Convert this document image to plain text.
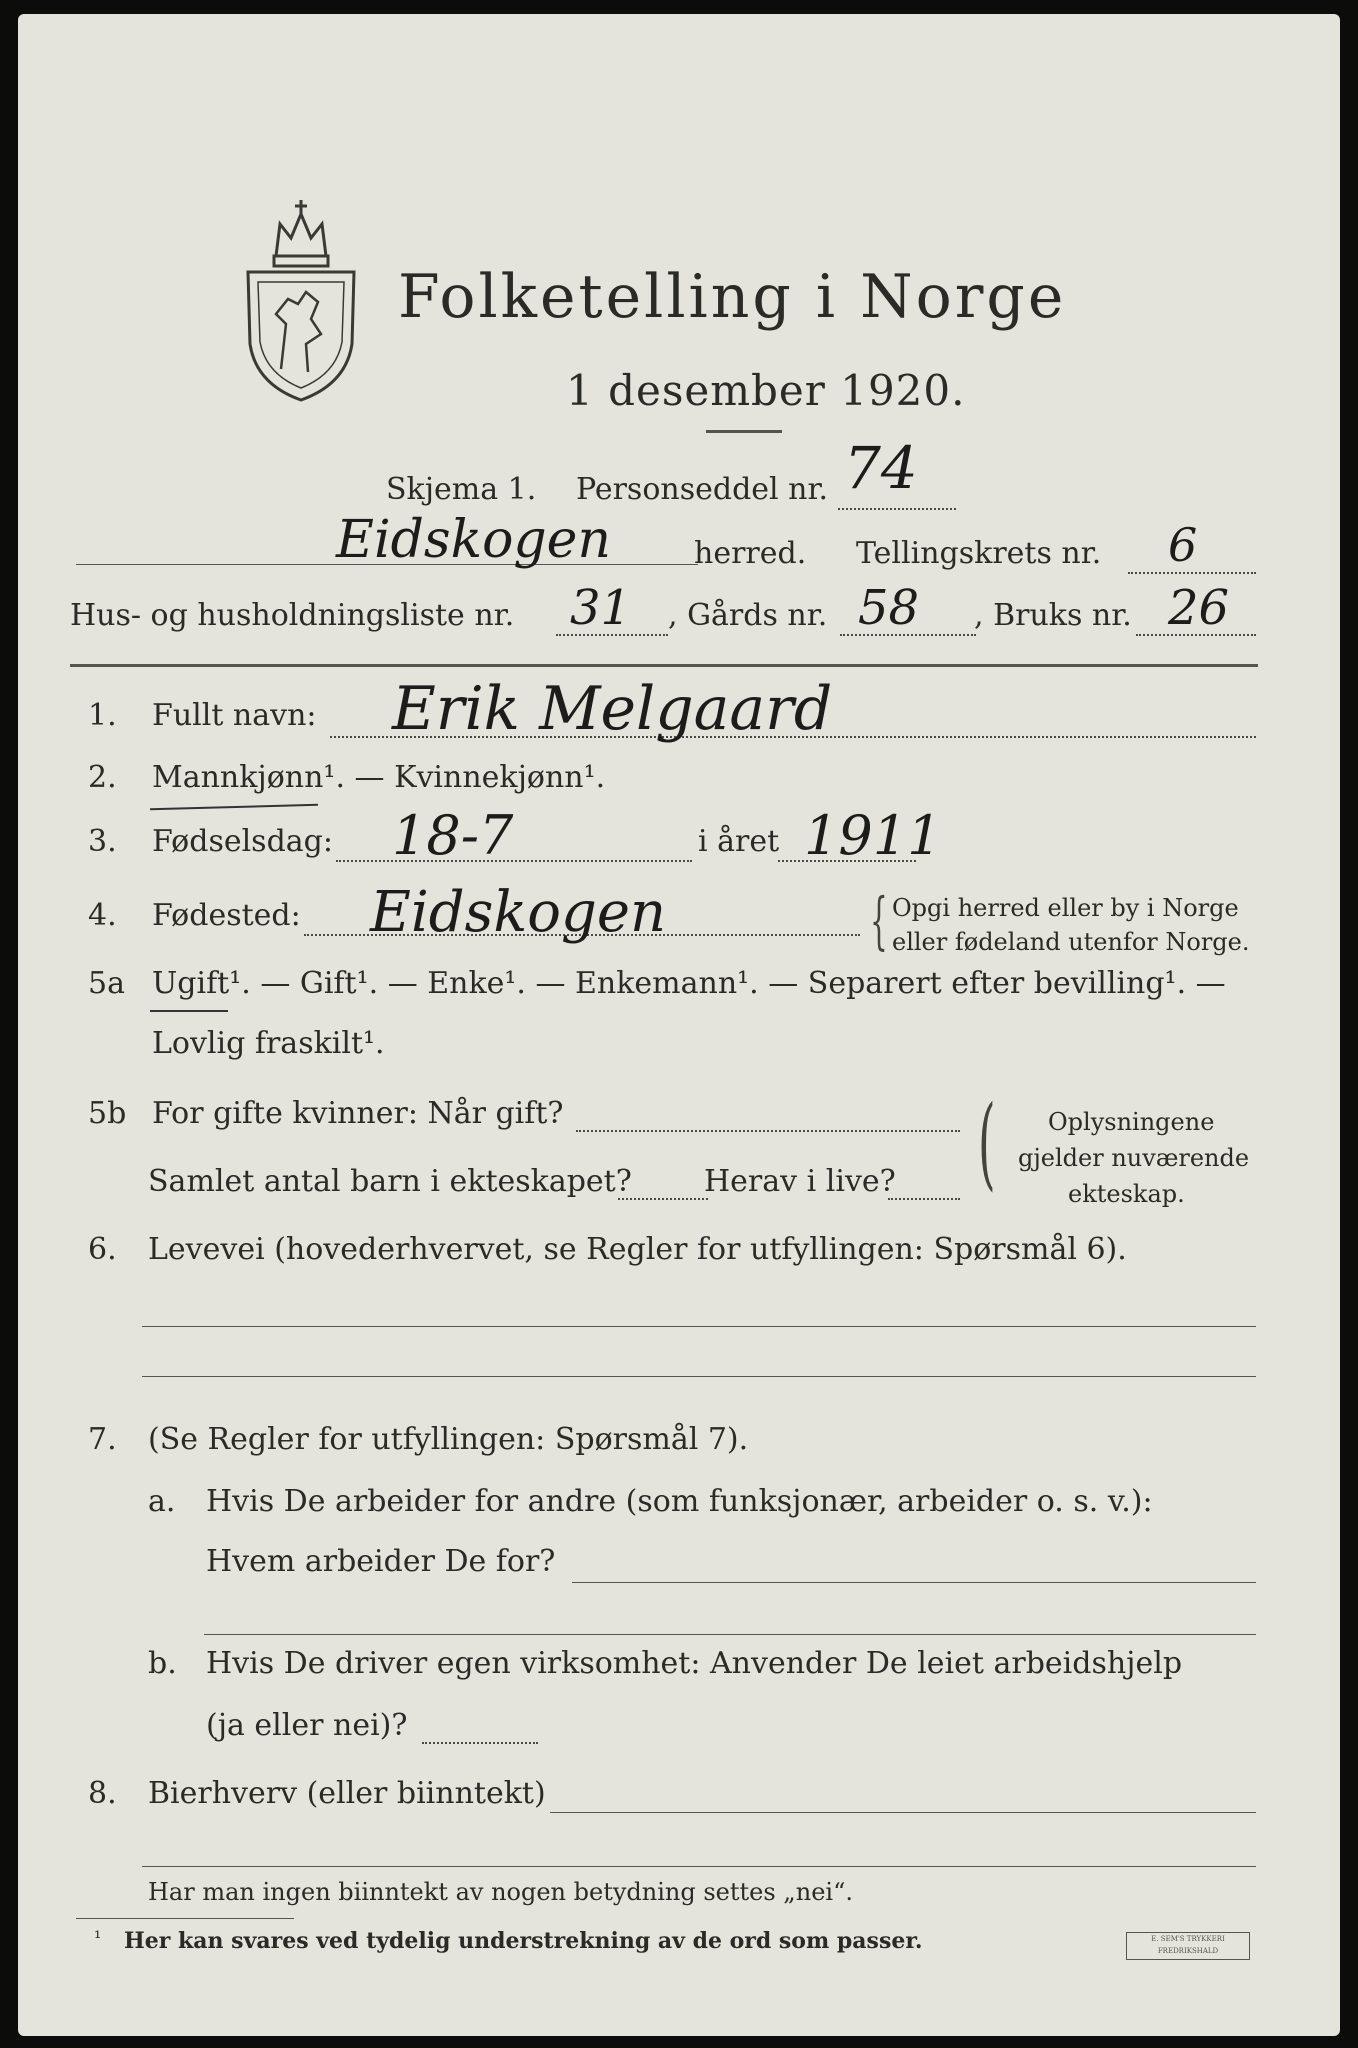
Folketelling i Norge
1 desember 1920.
Skjema 1. Personseddel nr. 74
Eidskogen	herred. Tellingskrets nr. 6
Hus- og husholdningsliste nr. 31 , Gårds nr. 58 , Bruks nr. 26
1. Fullt navn: Erik Melgaard
2. Mannkjønn¹. — Kvinnekjønn¹.
3. Fødselsdag: 18-7	i året 1911
4. Fødested: Eidskogen	{ Opgi herred eller by i Norge
eller fødeland utenfor Norge.
5a Ugift¹. — Gift¹. — Enke¹. — Enkemann¹. — Separert efter bevilling¹. —
Lovlig fraskilt¹.
5b For gifte kvinner: Når gift?
Samlet antal barn i ekteskapet? Herav i live? ( Oplysningene
gjelder nuværende
ekteskap.
6. Levevei (hovederhvervet, se Regler for utfyllingen: Spørsmål 6).
7. (Se Regler for utfyllingen: Spørsmål 7).
a. Hvis De arbeider for andre (som funksjonær, arbeider o. s. v.):
Hvem arbeider De for?
b. Hvis De driver egen virksomhet: Anvender De leiet arbeidshjelp
(ja eller nei)?
8. Bierhverv (eller biinntekt)
Har man ingen biinntekt av nogen betydning settes „nei“.
¹ Her kan svares ved tydelig understrekning av de ord som passer.	E. SEM'S TRYKKERI FREDRIKSHALD
